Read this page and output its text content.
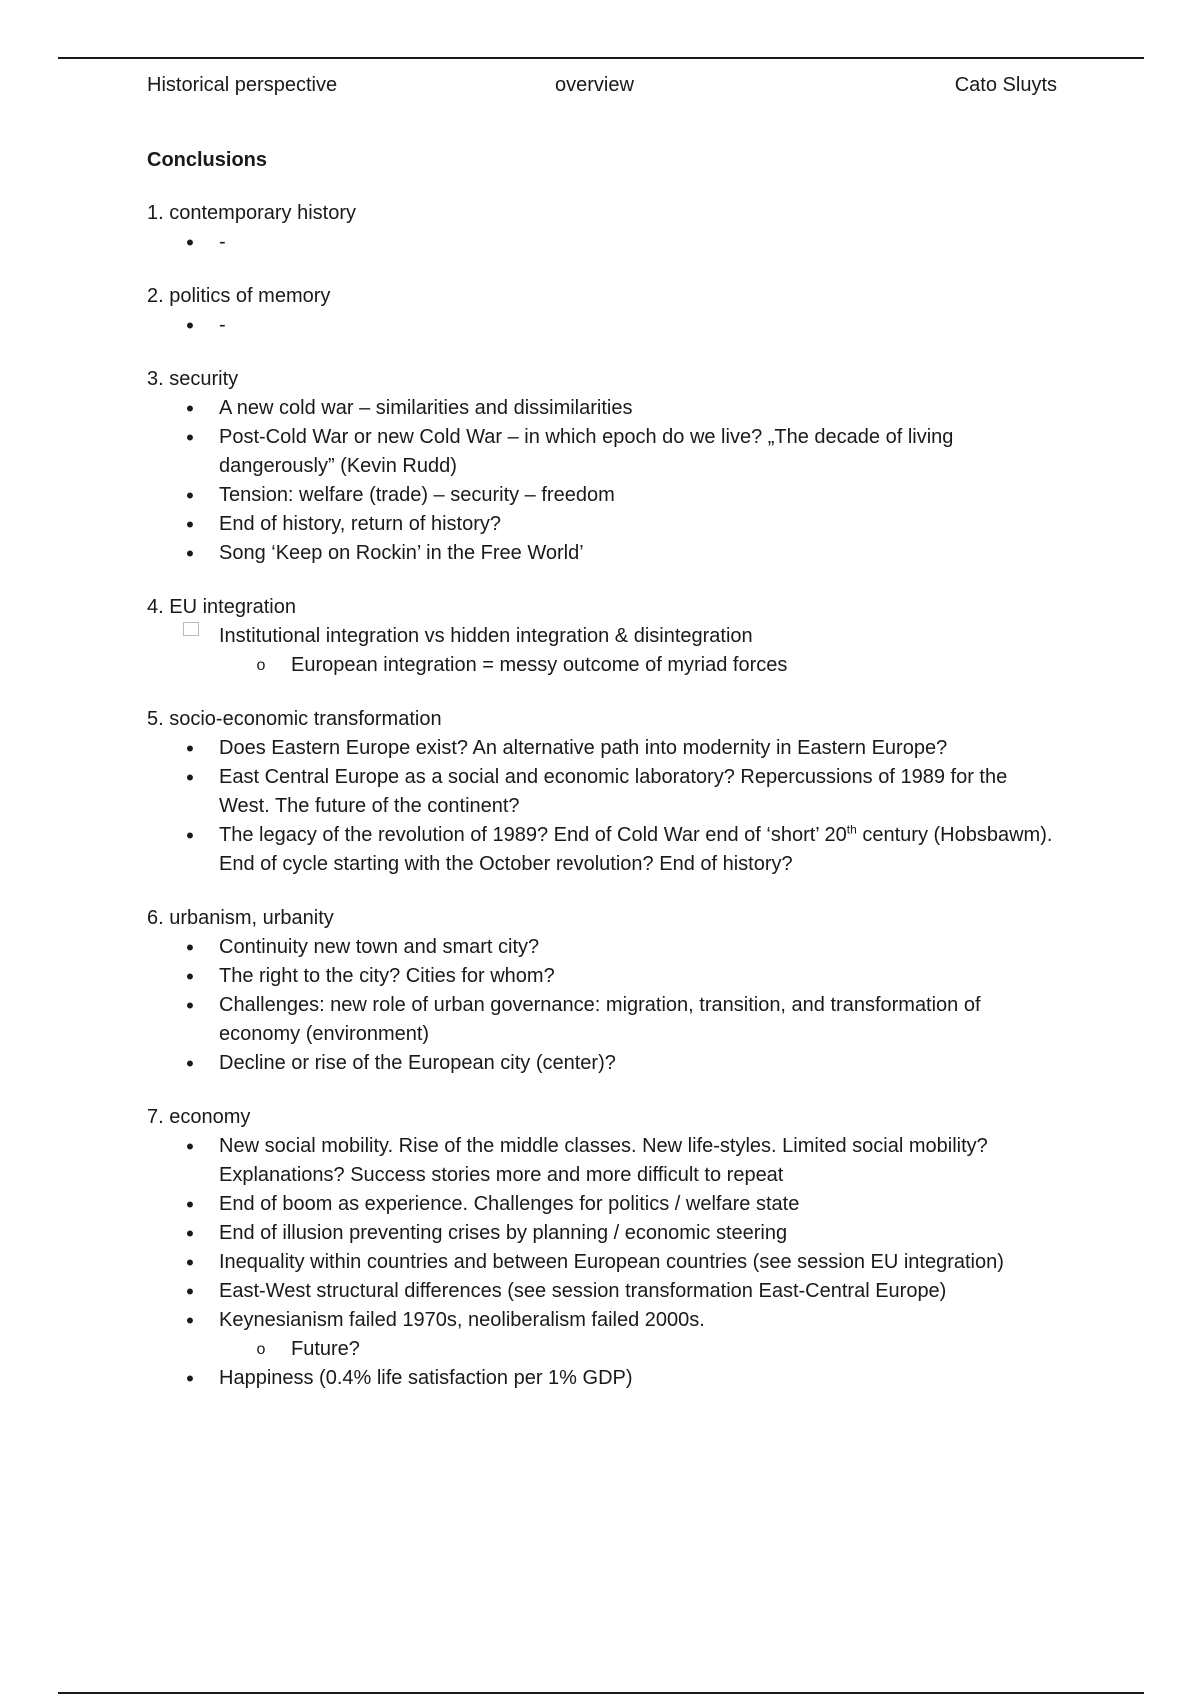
Historical perspective	overview	Cato Sluyts
Conclusions
1. contemporary history
•
-
2. politics of memory
•
-
3. security
•
A new cold war – similarities and dissimilarities
•
Post-Cold War or new Cold War – in which epoch do we live? „The decade of living dangerously” (Kevin Rudd)
•
Tension: welfare (trade) – security – freedom
•
End of history, return of history?
•
Song ‘Keep on Rockin’ in the Free World’
4. EU integration
Institutional integration vs hidden integration & disintegration
o European integration = messy outcome of myriad forces
5. socio-economic transformation
•
Does Eastern Europe exist? An alternative path into modernity in Eastern Europe?
•
East Central Europe as a social and economic laboratory? Repercussions of 1989 for the West. The future of the continent?
•
The legacy of the revolution of 1989? End of Cold War end of ‘short’ 20th century (Hobsbawm). End of cycle starting with the October revolution? End of history?
6. urbanism, urbanity
•
Continuity new town and smart city?
•
The right to the city? Cities for whom?
•
Challenges: new role of urban governance: migration, transition, and transformation of economy (environment)
•
Decline or rise of the European city (center)?
7. economy
•
New social mobility. Rise of the middle classes. New life-styles. Limited social mobility? Explanations? Success stories more and more difficult to repeat
•
End of boom as experience. Challenges for politics / welfare state
•
End of illusion preventing crises by planning / economic steering
•
Inequality within countries and between European countries (see session EU integration)
•
East-West structural differences (see session transformation East-Central Europe)
•
Keynesianism failed 1970s, neoliberalism failed 2000s.
o Future?
•
Happiness (0.4% life satisfaction per 1% GDP)
